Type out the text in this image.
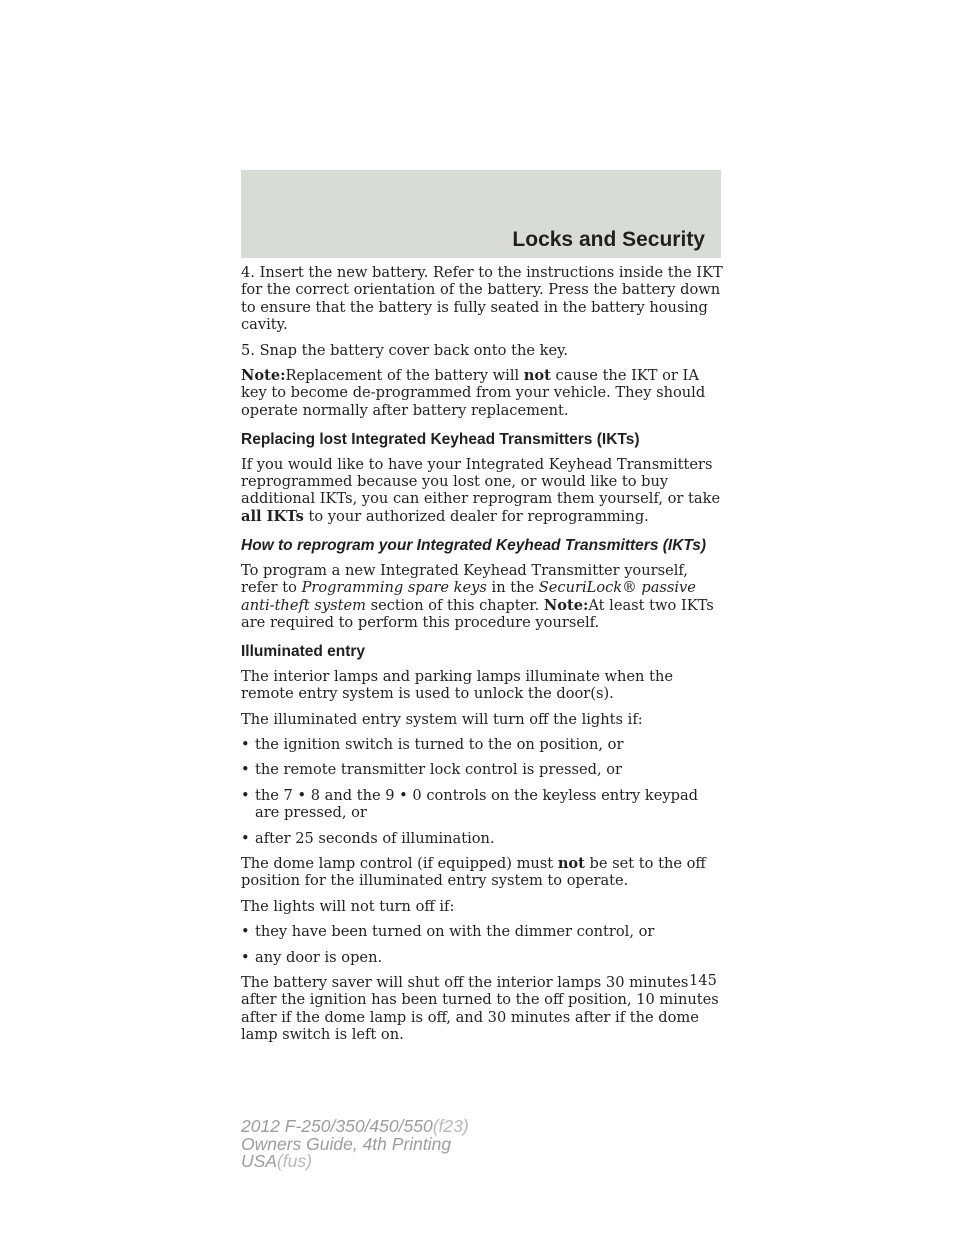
Locks and Security

4. Insert the new battery. Refer to the instructions inside the IKT for the correct orientation of the battery. Press the battery down to ensure that the battery is fully seated in the battery housing cavity.

5. Snap the battery cover back onto the key.

Note:Replacement of the battery will not cause the IKT or IA key to become de-programmed from your vehicle. They should operate normally after battery replacement.

Replacing lost Integrated Keyhead Transmitters (IKTs)

If you would like to have your Integrated Keyhead Transmitters reprogrammed because you lost one, or would like to buy additional IKTs, you can either reprogram them yourself, or take all IKTs to your authorized dealer for reprogramming.

How to reprogram your Integrated Keyhead Transmitters (IKTs)

To program a new Integrated Keyhead Transmitter yourself, refer to Programming spare keys in the SecuriLock® passive anti-theft system section of this chapter. Note:At least two IKTs are required to perform this procedure yourself.

Illuminated entry

The interior lamps and parking lamps illuminate when the remote entry system is used to unlock the door(s).

The illuminated entry system will turn off the lights if:

• the ignition switch is turned to the on position, or
• the remote transmitter lock control is pressed, or
• the 7 • 8 and the 9 • 0 controls on the keyless entry keypad are pressed, or
• after 25 seconds of illumination.

The dome lamp control (if equipped) must not be set to the off position for the illuminated entry system to operate.

The lights will not turn off if:

• they have been turned on with the dimmer control, or
• any door is open.

The battery saver will shut off the interior lamps 30 minutes after the ignition has been turned to the off position, 10 minutes after if the dome lamp is off, and 30 minutes after if the dome lamp switch is left on.

145
2012 F-250/350/450/550(f23)
Owners Guide, 4th Printing
USA(fus)
